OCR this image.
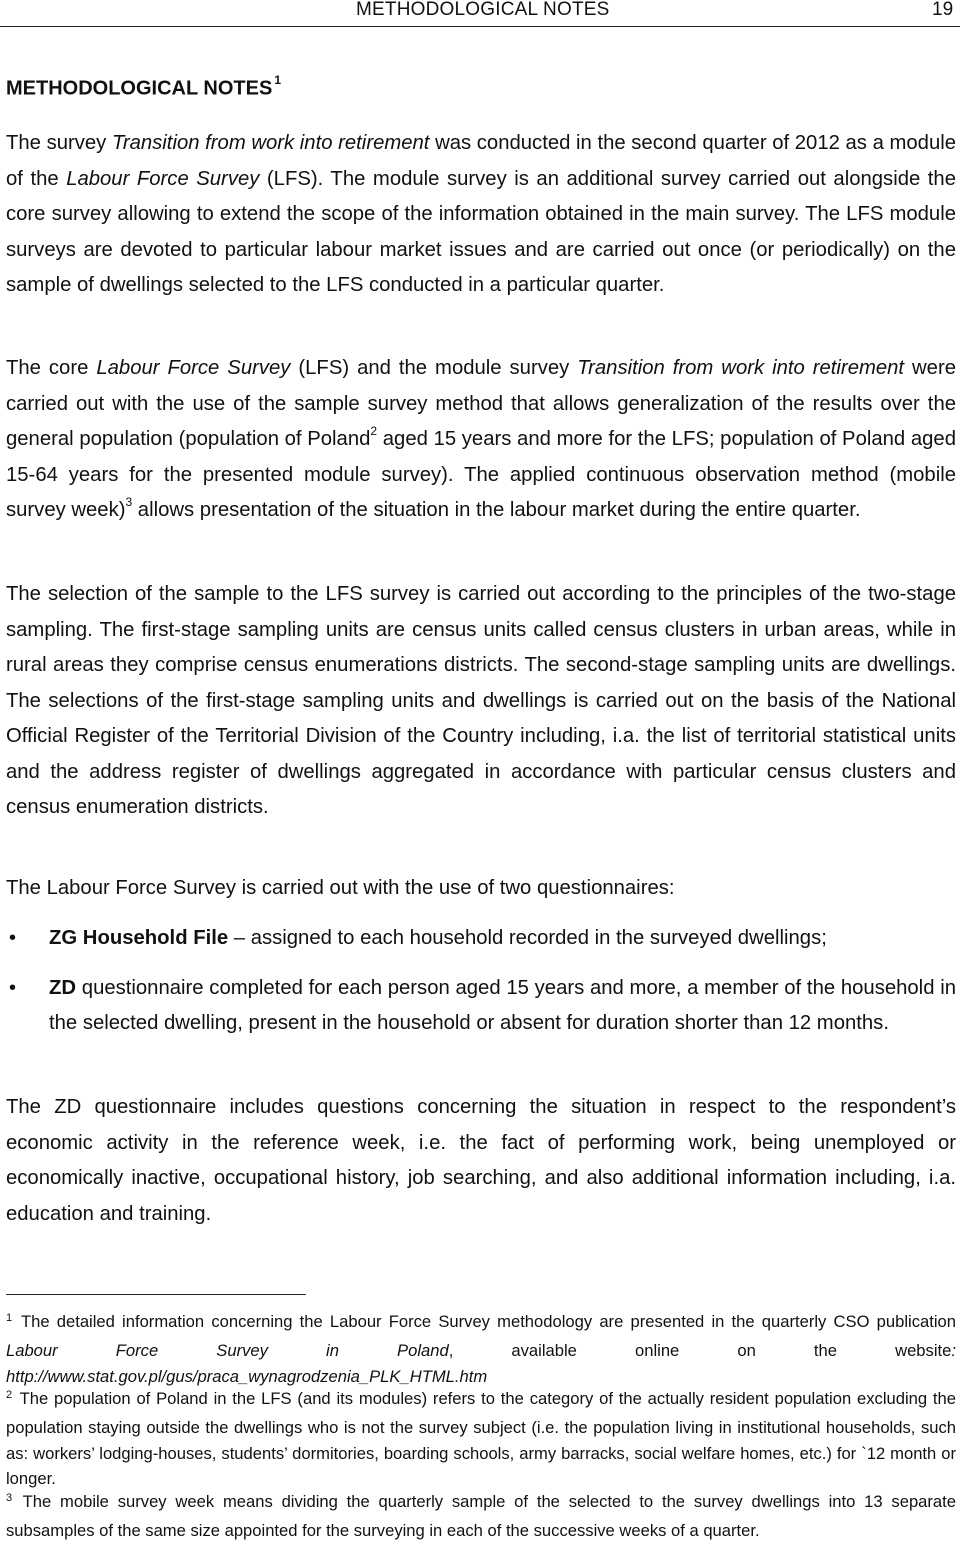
METHODOLOGICAL NOTES	19
METHODOLOGICAL NOTES $^1$

The survey Transition from work into retirement was conducted in the second quarter of 2012 as a module of the Labour Force Survey (LFS). The module survey is an additional survey carried out alongside the core survey allowing to extend the scope of the information obtained in the main survey. The LFS module surveys are devoted to particular labour market issues and are carried out once (or periodically) on the sample of dwellings selected to the LFS conducted in a particular quarter.

The core Labour Force Survey (LFS) and the module survey Transition from work into retirement were carried out with the use of the sample survey method that allows generalization of the results over the general population (population of Poland$^2$ aged 15 years and more for the LFS; population of Poland aged 15-64 years for the presented module survey). The applied continuous observation method (mobile survey week)$^3$ allows presentation of the situation in the labour market during the entire quarter.

The selection of the sample to the LFS survey is carried out according to the principles of the two-stage sampling. The first-stage sampling units are census units called census clusters in urban areas, while in rural areas they comprise census enumerations districts. The second-stage sampling units are dwellings. The selections of the first-stage sampling units and dwellings is carried out on the basis of the National Official Register of the Territorial Division of the Country including, i.a. the list of territorial statistical units and the address register of dwellings aggregated in accordance with particular census clusters and census enumeration districts.

The Labour Force Survey is carried out with the use of two questionnaires:

• ZG Household File – assigned to each household recorded in the surveyed dwellings;
• ZD questionnaire completed for each person aged 15 years and more, a member of the household in the selected dwelling, present in the household or absent for duration shorter than 12 months.

The ZD questionnaire includes questions concerning the situation in respect to the respondent’s economic activity in the reference week, i.e. the fact of performing work, being unemployed or economically inactive, occupational history, job searching, and also additional information including, i.a. education and training.

$^1$ The detailed information concerning the Labour Force Survey methodology are presented in the quarterly CSO publication Labour Force Survey in Poland, available online on the website: http://www.stat.gov.pl/gus/praca_wynagrodzenia_PLK_HTML.htm

$^2$ The population of Poland in the LFS (and its modules) refers to the category of the actually resident population excluding the population staying outside the dwellings who is not the survey subject (i.e. the population living in institutional households, such as: workers’ lodging-houses, students’ dormitories, boarding schools, army barracks, social welfare homes, etc.) for `12 month or longer.

$^3$ The mobile survey week means dividing the quarterly sample of the selected to the survey dwellings into 13 separate subsamples of the same size appointed for the surveying in each of the successive weeks of a quarter.
